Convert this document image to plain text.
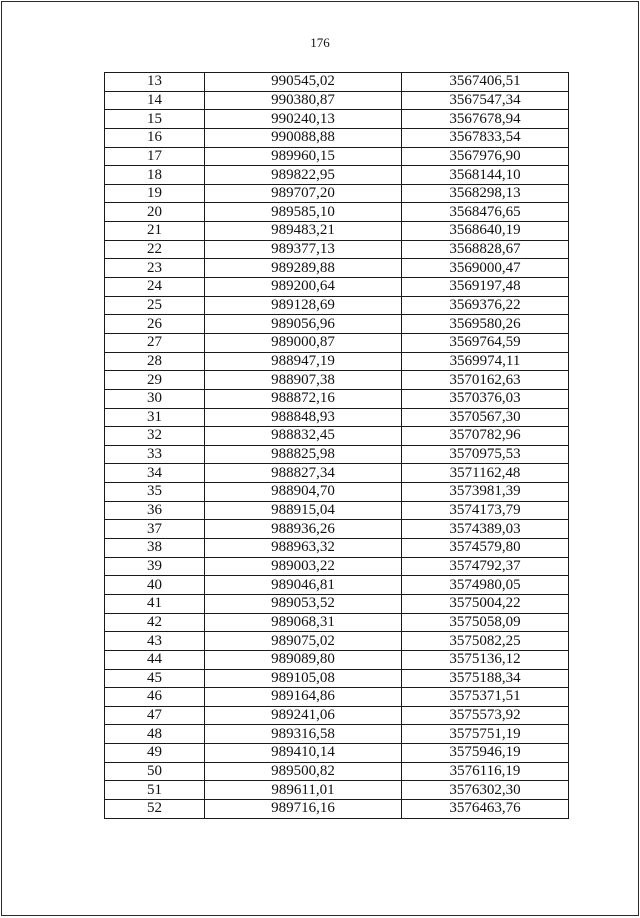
176
13	990545,02	3567406,51
14	990380,87	3567547,34
15	990240,13	3567678,94
16	990088,88	3567833,54
17	989960,15	3567976,90
18	989822,95	3568144,10
19	989707,20	3568298,13
20	989585,10	3568476,65
21	989483,21	3568640,19
22	989377,13	3568828,67
23	989289,88	3569000,47
24	989200,64	3569197,48
25	989128,69	3569376,22
26	989056,96	3569580,26
27	989000,87	3569764,59
28	988947,19	3569974,11
29	988907,38	3570162,63
30	988872,16	3570376,03
31	988848,93	3570567,30
32	988832,45	3570782,96
33	988825,98	3570975,53
34	988827,34	3571162,48
35	988904,70	3573981,39
36	988915,04	3574173,79
37	988936,26	3574389,03
38	988963,32	3574579,80
39	989003,22	3574792,37
40	989046,81	3574980,05
41	989053,52	3575004,22
42	989068,31	3575058,09
43	989075,02	3575082,25
44	989089,80	3575136,12
45	989105,08	3575188,34
46	989164,86	3575371,51
47	989241,06	3575573,92
48	989316,58	3575751,19
49	989410,14	3575946,19
50	989500,82	3576116,19
51	989611,01	3576302,30
52	989716,16	3576463,76
